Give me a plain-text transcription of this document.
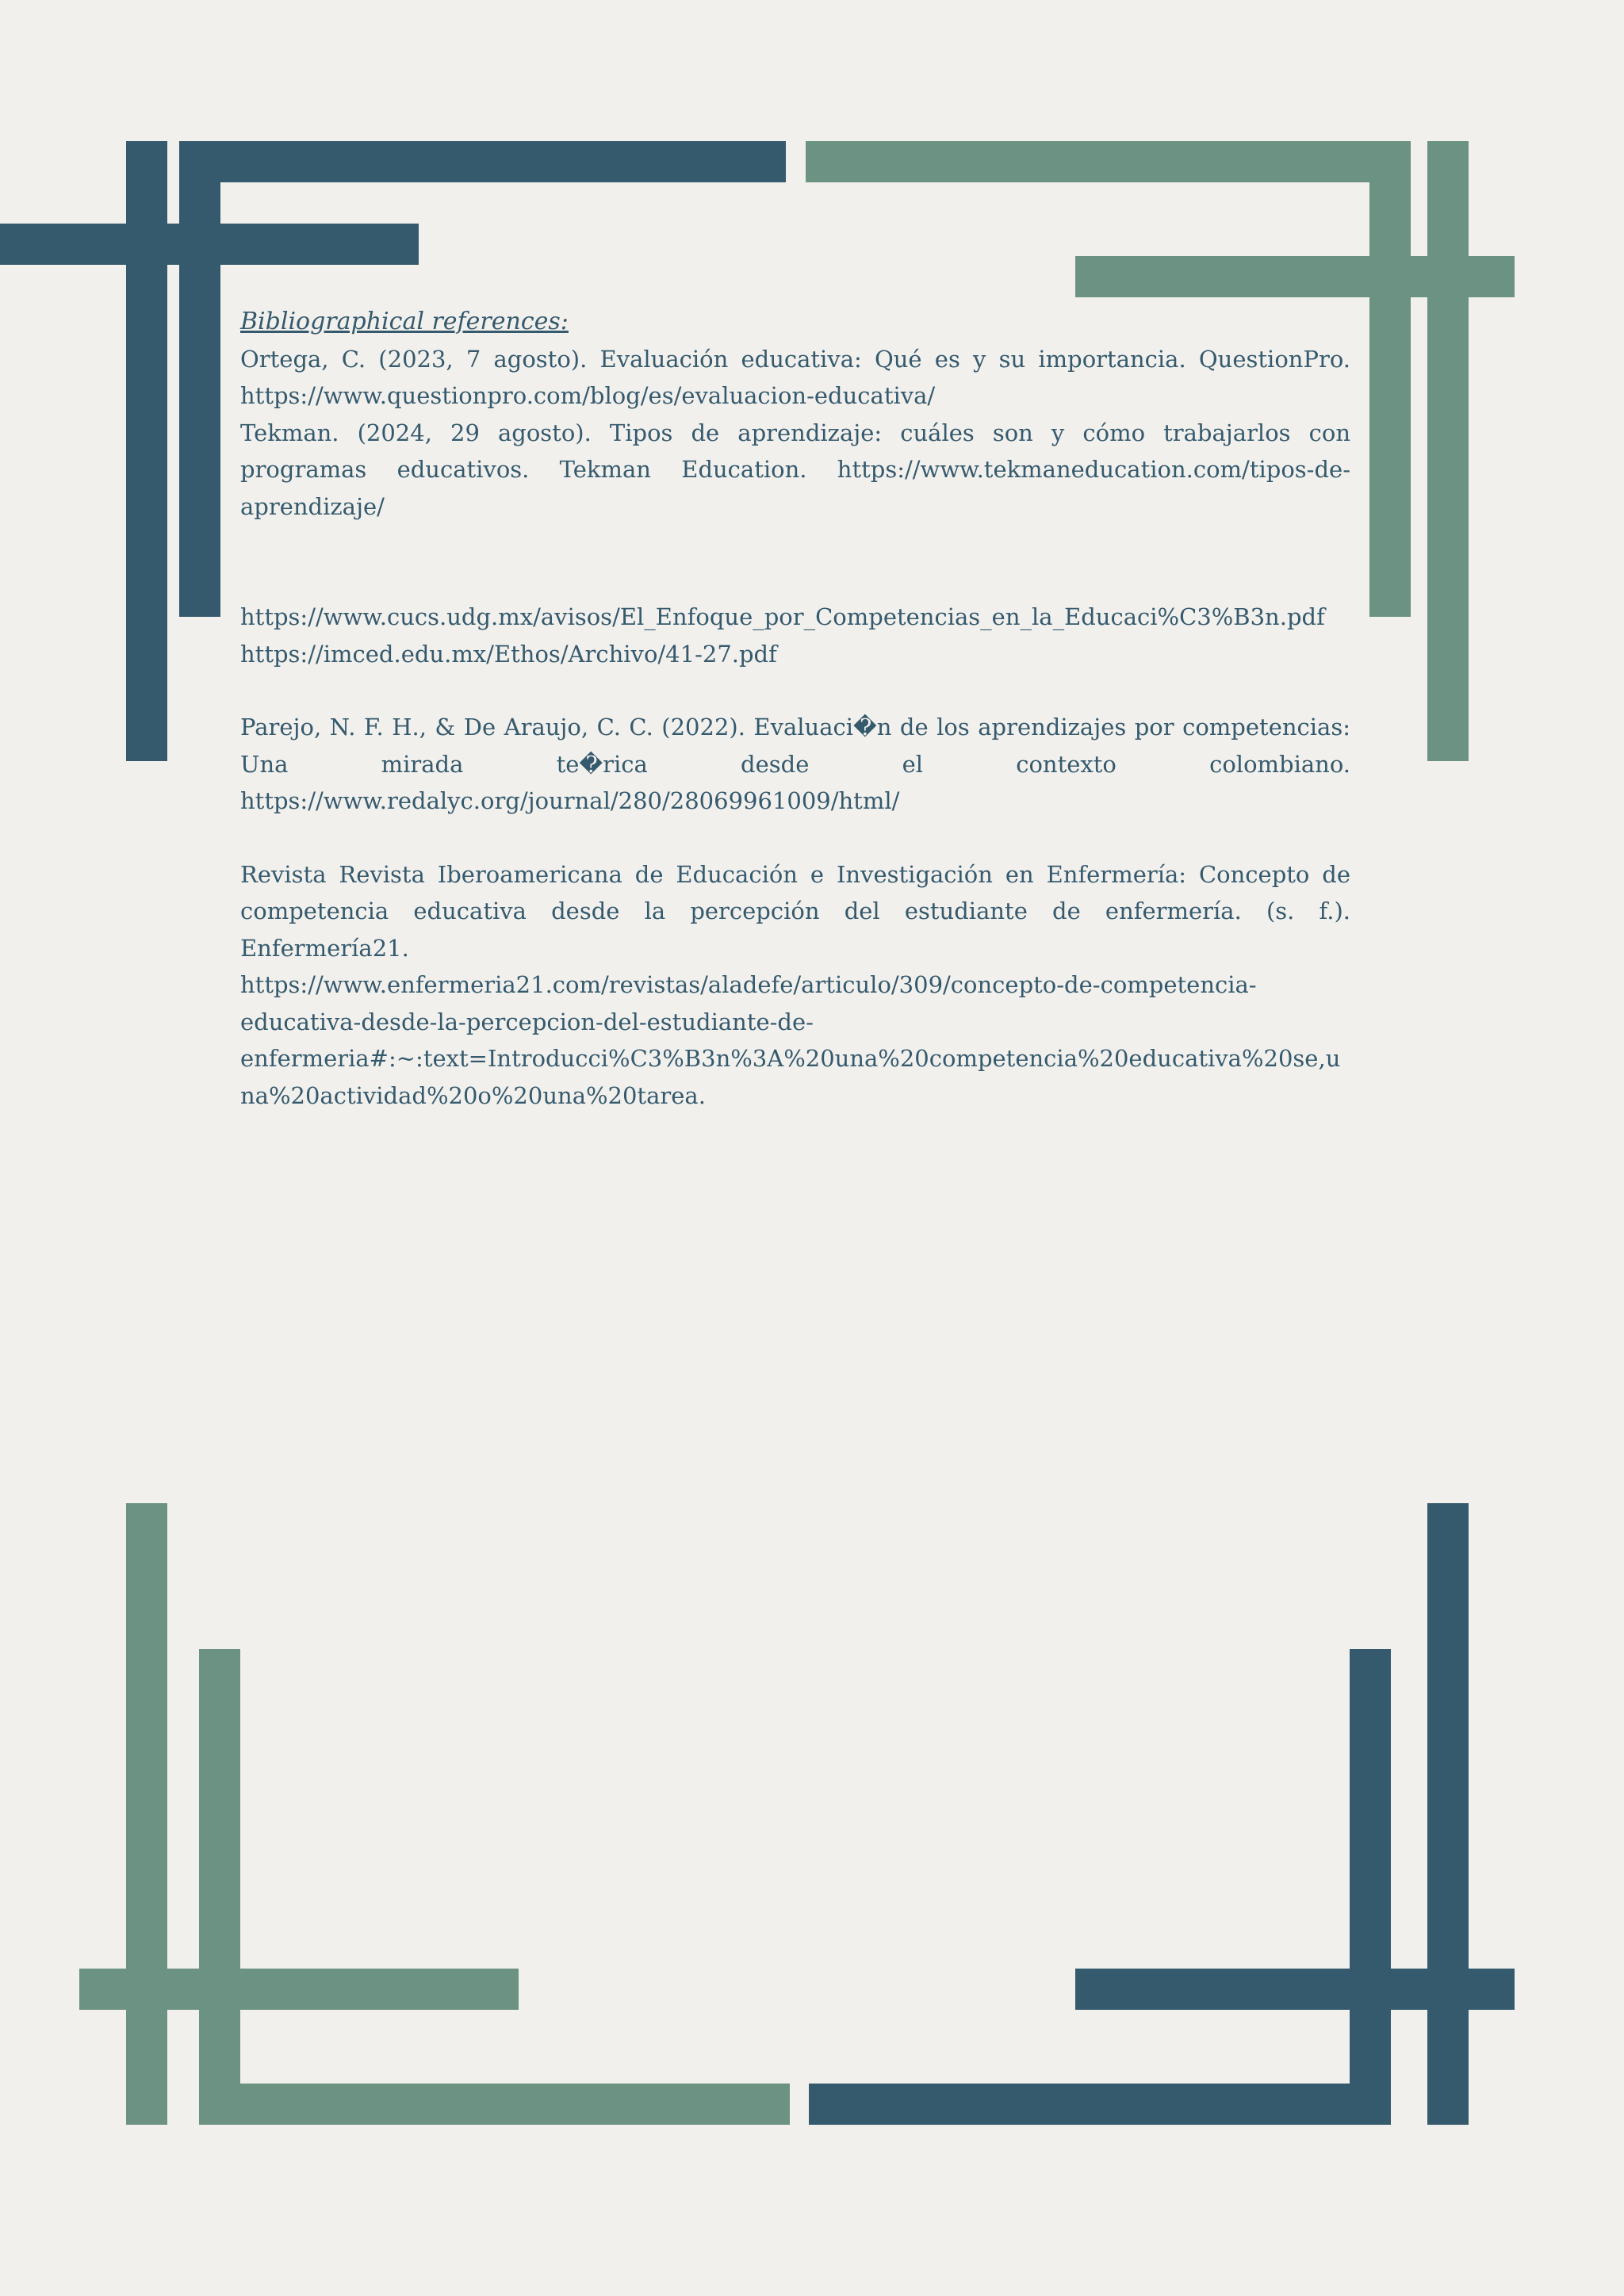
Bibliographical references:

Ortega, C. (2023, 7 agosto). Evaluación educativa: Qué es y su importancia. QuestionPro. https://www.questionpro.com/blog/es/evaluacion-educativa/

Tekman. (2024, 29 agosto). Tipos de aprendizaje: cuáles son y cómo trabajarlos con programas educativos. Tekman Education. https://www.tekmaneducation.com/tipos-de-aprendizaje/

https://www.cucs.udg.mx/avisos/El_Enfoque_por_Competencias_en_la_Educaci%C3%B3n.pdf

https://imced.edu.mx/Ethos/Archivo/41-27.pdf

Parejo, N. F. H., & De Araujo, C. C. (2022). Evaluaci�n de los aprendizajes por competencias: Una mirada te�rica desde el contexto colombiano. https://www.redalyc.org/journal/280/28069961009/html/

Revista Revista Iberoamericana de Educación e Investigación en Enfermería: Concepto de competencia educativa desde la percepción del estudiante de enfermería. (s. f.). Enfermería21.

https://www.enfermeria21.com/revistas/aladefe/articulo/309/concepto-de-competencia-educativa-desde-la-percepcion-del-estudiante-de-enfermeria#:~:text=Introducci%C3%B3n%3A%20una%20competencia%20educativa%20se,una%20actividad%20o%20una%20tarea.
